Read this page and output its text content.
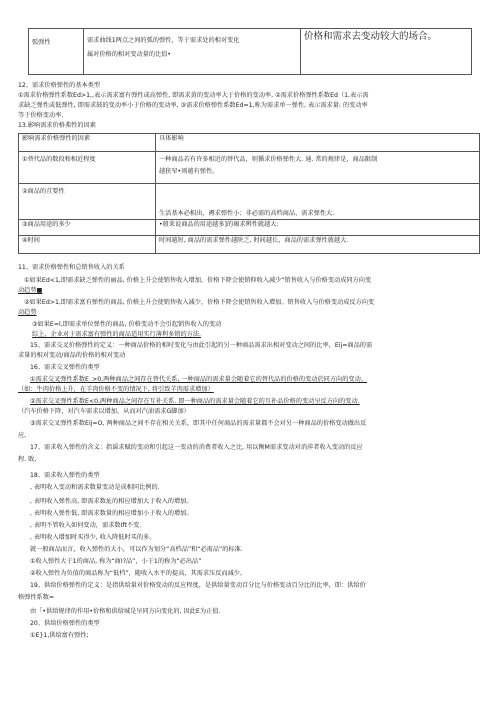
弧弹性	需求曲线1两点之间的弧的弹性，等于需求处的相对变化
属对价格的相对变动量的比值•
	价格和需求去变动较大的场合。
12、需求价格弹性的基本类型
①需求价格弹性系数Ed>1,,表示需求富有弹性或高弹性, 即需求黄的变动率大于价格的变动率, ②需求价格弹性系数Ed（1,表示需
求缺乏弹性或低弹性, 即需求鼓的变动率小于价格的变动率, ③需求价格弹性系数Ed=1,称为需求单一弹性, 表示需求量: 的变动率
等于价格变动率.
13.影响需求价格弗性的因素
影响需求价格弹性的因素	具体影响
①替代品的数段和相近程度	一种商品若有许多相近的替代品，则循求价格弹性大. 通. 常的规律是，商品限制
越狭窄•则越有弹性。

②商品的苴要性	生活基本必相出，褥求弹性小；非必需的高档商品，需求弹性大.
③商品用途的多少	•般来说商品的用途越多]的褐求辨性就越大:
④时间	时间越短, 商品的需求弹性越陕乏, 时间越长，商品的需求弹性就越大.
11、需求价格弹性和总销售收入的关系
①如果Ed<1,即需求缺乏弹性的丽品, 价格上升会使销售收入增加，价格下降会使销仰收入减少“销售收入与价格变动成同方向变
动趋势■
②如果Ed>1,即需求富有弹性的商品, 价格上升会使销售收入减少，价格下降会使销售收入增加。销售收入与价格变动成反方向变
动趋势
③如果E=l,即需求单位弹性的商品, 价格变动不会引起销售收入的变动
综上，企业对于需求富有弹性的商品适用实行薄利多销的方法.
15、需求交叉价格弹性的定义：一种商品价格的相吋变化与由此引起的另一种商品需求出相对变动之间的比率，Eij=商品的需
求量的相对变动/商品的价格的相对变动
16、需求交叉弹性的类型
①需求交叉弹性系数E_>0,两种商品之间存在替代关系, 一种商品的需求量会随着它的替代品的价格的变动於同方向的变动。
（如：牛肉价格上升，在羊肉价格不变的情况下, 将引致羊肉需求增加）
②需求交叉弹性系数E<0,两种商品之间存在互补关系. 即一种商品的需求量会随着它的互补品价格的变动呈反方向的变动.
（汽车价格下降，对汽车需求以增加，从而对汽油需求G脚加）
③需求交叉弹性系数Eij=O, 两种商品之间不存在相关关系，即其中任何商品的需求量都不会对另一种商品的价格变动做出反
应,
17、需求收入弹性的含义：指谣求赋的变动和引起这一变动的消费者收入之比, 用以衡M需求变动对消萍者收入变动的反应
程. 敗,
18、需求收入弹性的类型
, 表明收入变动和需求数量变动是成相同比例的.
, 表明收入弹性高, 即需求数址的相应增加大于收入的增加。
, 表明收入弹性低, 即需求数量的相应增加小于收入的增加。
, 表明不管收入如何变动，需求数Ift不变.
, 表明收入增加时买得少, 收入降低时买的多。
就一般商品而言，收入弹性的大小，可以作为划分“高档品”和“必需品”的标准.
①收入弹性大于1的商品, 称为“商I?品”，小于1的称为“必出品”
②收入弹性为负值的商品称为“低档”，随收入水平的提高，其需求压反而减少。
19、供给价格弹性的定义：是指供给量对价格变动的反应程度，是供给量变动百分比与价格变动百分比的比率，即：供给价
格弹性系数=
由「•供给规律的作用•价格和供给城是呈同方向变化的, 因此E为正值.
20、供给价格弹性的类型
①E}1,供给富有弹性;
